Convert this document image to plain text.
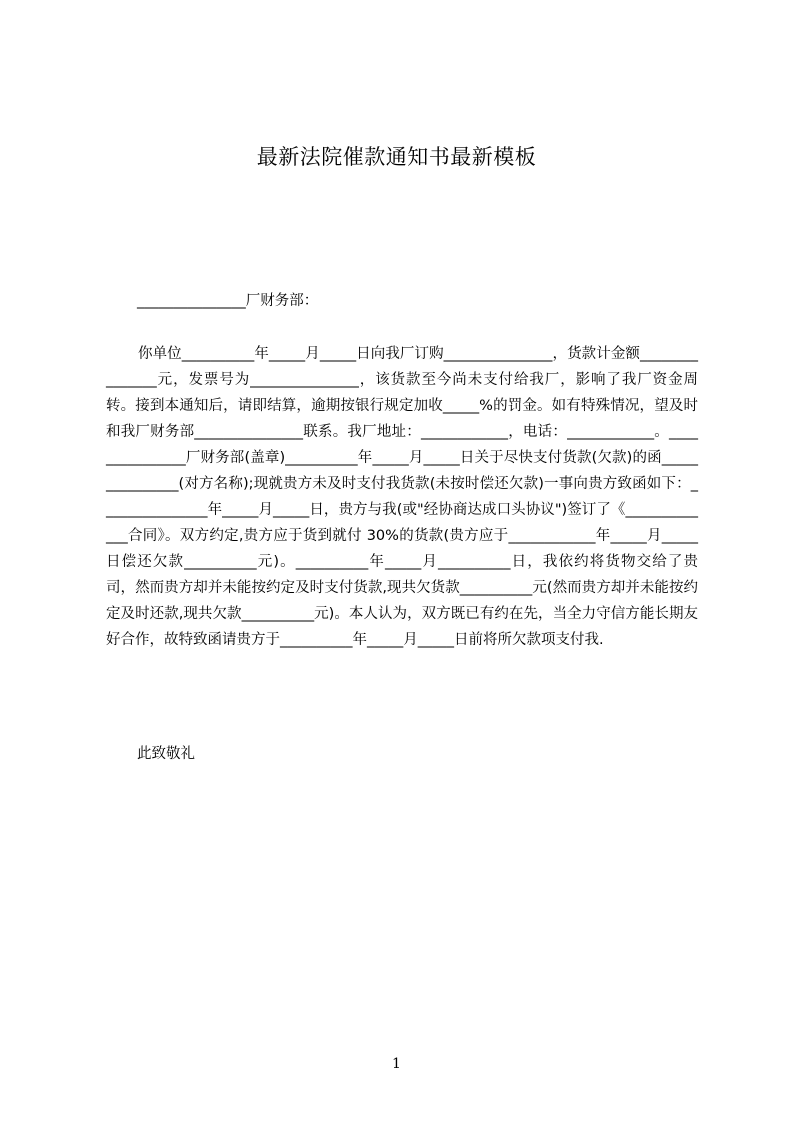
最新法院催款通知书最新模板
_______________厂财务部：
你单位__________年_____月_____日向我厂订购_______________，货款计金额_______________元，发票号为_______________，该货款至今尚未支付给我厂，影响了我厂资金周转。接到本通知后，请即结算，逾期按银行规定加收_____%的罚金。如有特殊情况，望及时和我厂财务部_______________联系。我厂地址：____________，电话：____________。_______________厂财务部(盖章)__________年_____月_____日关于尽快支付货款(欠款)的函_______________(对方名称);现就贵方未及时支付我货款(未按时偿还欠款)一事向贵方致函如下：_______________年_____月_____日，贵方与我(或"经协商达成口头协议")签订了《_____________合同》。双方约定,贵方应于货到就付 30%的货款(贵方应于____________年_____月_____日偿还欠款__________元)。__________年_____月__________日，我依约将货物交给了贵司，然而贵方却并未能按约定及时支付货款,现共欠货款__________元(然而贵方却并未能按约定及时还款,现共欠款__________元)。本人认为，双方既已有约在先，当全力守信方能长期友好合作，故特致函请贵方于__________年_____月_____日前将所欠款项支付我.
此致敬礼
1
